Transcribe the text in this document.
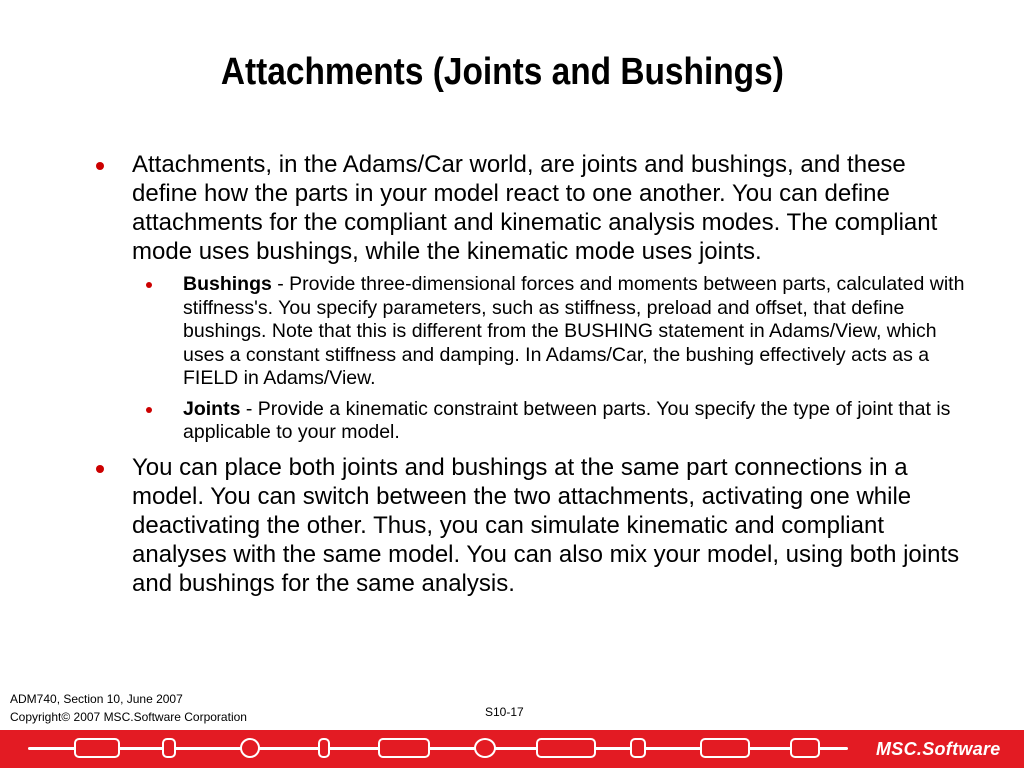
Attachments (Joints and Bushings)
Attachments, in the Adams/Car world, are joints and bushings, and these define how the parts in your model react to one another. You can define attachments for the compliant and kinematic analysis modes. The compliant mode uses bushings, while the kinematic mode uses joints.
Bushings - Provide three-dimensional forces and moments between parts, calculated with stiffness's. You specify parameters, such as stiffness, preload and offset, that define bushings. Note that this is different from the BUSHING statement in Adams/View, which uses a constant stiffness and damping. In Adams/Car, the bushing effectively acts as a FIELD in Adams/View.
Joints - Provide a kinematic constraint between parts. You specify the type of joint that is applicable to your model.
You can place both joints and bushings at the same part connections in a model. You can switch between the two attachments, activating one while deactivating the other. Thus, you can simulate kinematic and compliant analyses with the same model. You can also mix your model, using both joints and bushings for the same analysis.
ADM740, Section 10, June 2007
Copyright© 2007 MSC.Software Corporation	S10-17
MSC.Software
